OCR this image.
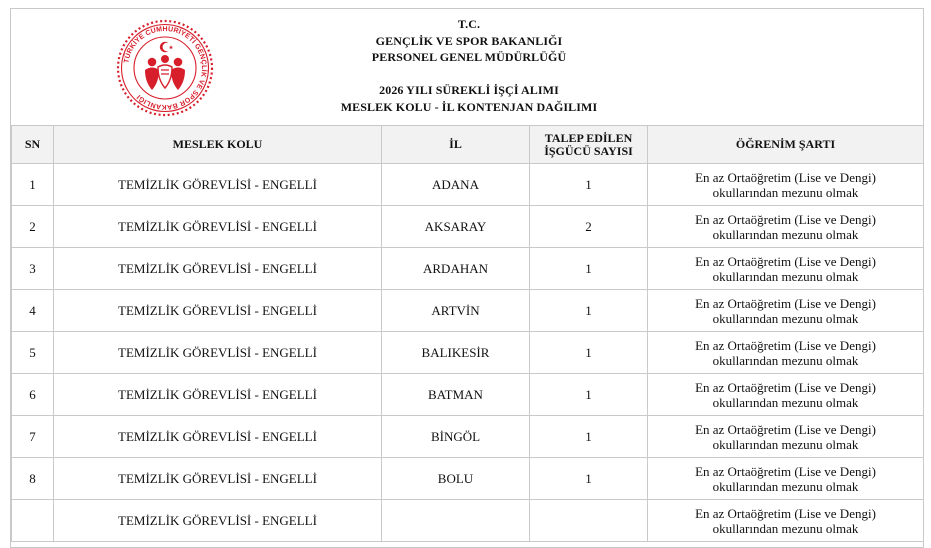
TÜRKİYE CUMHURİYETİ GENÇLİK VE SPOR BAKANLIĞI
T.C.
GENÇLİK VE SPOR BAKANLIĞI
PERSONEL GENEL MÜDÜRLÜĞÜ
2026 YILI SÜREKLİ İŞÇİ ALIMI
MESLEK KOLU - İL KONTENJAN DAĞILIMI
SN	MESLEK KOLU	İL	TALEP EDİLEN
İŞGÜCÜ SAYISI	ÖĞRENİM ŞARTI
1	TEMİZLİK GÖREVLİSİ - ENGELLİ	ADANA	1	En az Ortaöğretim (Lise ve Dengi)
okullarından mezunu olmak

2	TEMİZLİK GÖREVLİSİ - ENGELLİ	AKSARAY	2	En az Ortaöğretim (Lise ve Dengi)
okullarından mezunu olmak

3	TEMİZLİK GÖREVLİSİ - ENGELLİ	ARDAHAN	1	En az Ortaöğretim (Lise ve Dengi)
okullarından mezunu olmak

4	TEMİZLİK GÖREVLİSİ - ENGELLİ	ARTVİN	1	En az Ortaöğretim (Lise ve Dengi)
okullarından mezunu olmak

5	TEMİZLİK GÖREVLİSİ - ENGELLİ	BALIKESİR	1	En az Ortaöğretim (Lise ve Dengi)
okullarından mezunu olmak

6	TEMİZLİK GÖREVLİSİ - ENGELLİ	BATMAN	1	En az Ortaöğretim (Lise ve Dengi)
okullarından mezunu olmak

7	TEMİZLİK GÖREVLİSİ - ENGELLİ	BİNGÖL	1	En az Ortaöğretim (Lise ve Dengi)
okullarından mezunu olmak

8	TEMİZLİK GÖREVLİSİ - ENGELLİ	BOLU	1	En az Ortaöğretim (Lise ve Dengi)
okullarından mezunu olmak

	TEMİZLİK GÖREVLİSİ - ENGELLİ			En az Ortaöğretim (Lise ve Dengi)
okullarından mezunu olmak
